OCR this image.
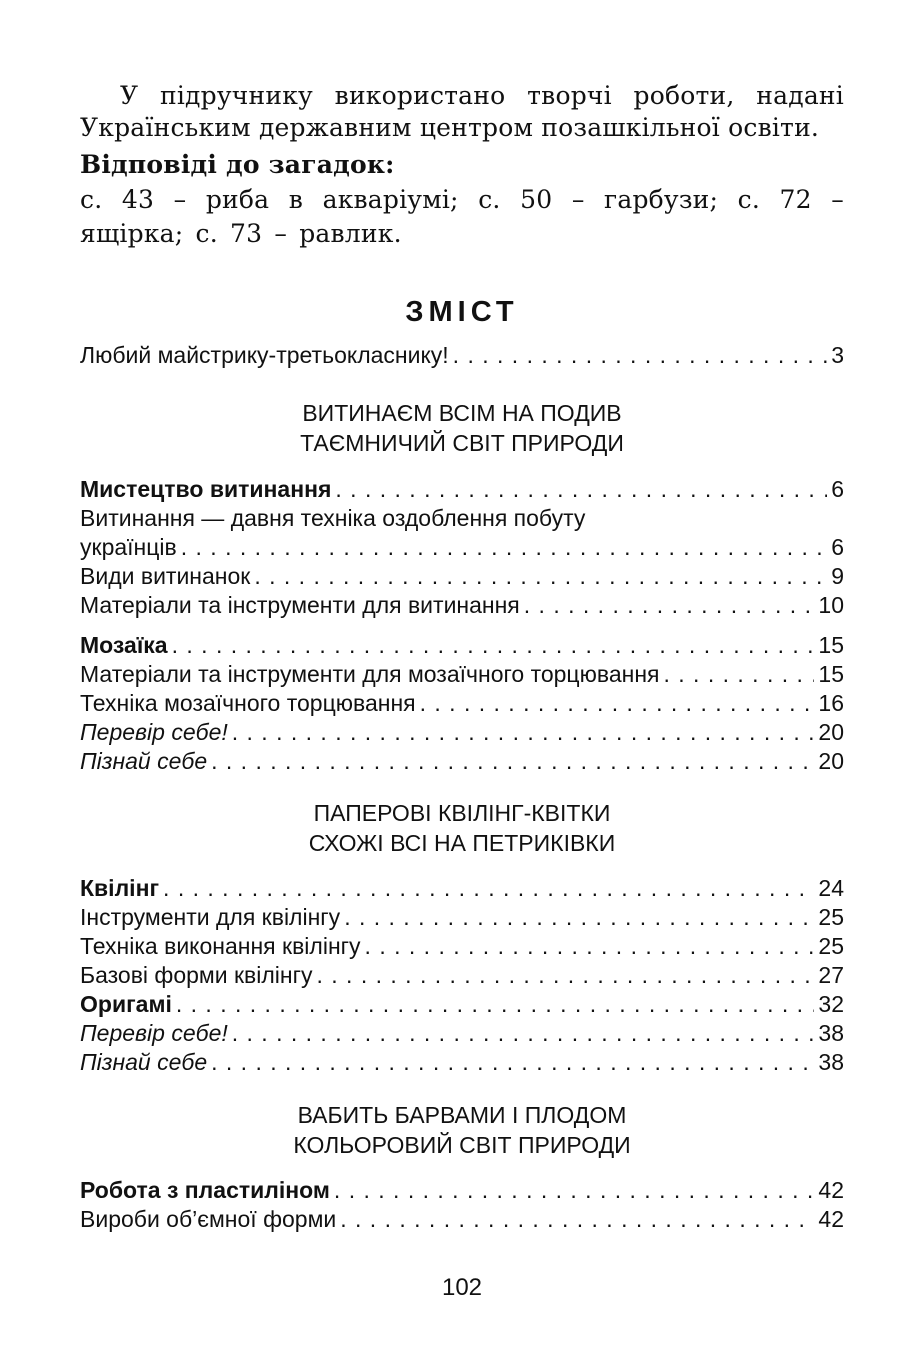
У підручнику використано творчі роботи, надані Українським державним центром позашкільної освіти.

Відповіді до загадок:

с. 43 – риба в акваріумі; с. 50 – гарбузи; с. 72 – ящірка; с. 73 – равлик.

ЗМІСТ
Любий майстрику-третьокласнику! . . .	3
ВИТИНАЄМ ВСІМ НА ПОДИВ
ТАЄМНИЧИЙ СВІТ ПРИРОДИ
Мистецтво витинання . . .	6
Витинання — давня техніка оздоблення побуту
українців . . .	6
Види витинанок . . .	9
Матеріали та інструменти для витинання . . .	10
Мозаїка . . .	15
Матеріали та інструменти для мозаїчного торцювання . . .	15
Техніка мозаїчного торцювання . . .	16
Перевір себе! . . .	20
Пізнай себе . . .	20
ПАПЕРОВІ КВІЛІНГ-КВІТКИ
СХОЖІ ВСІ НА ПЕТРИКІВКИ
Квілінг . . .	24
Інструменти для квілінгу . . .	25
Техніка виконання квілінгу . . .	25
Базові форми квілінгу . . .	27
Оригамі . . .	32
Перевір себе! . . .	38
Пізнай себе . . .	38
ВАБИТЬ БАРВАМИ І ПЛОДОМ
КОЛЬОРОВИЙ СВІТ ПРИРОДИ
Робота з пластиліном . . .	42
Вироби об’ємної форми . . .	42
102
